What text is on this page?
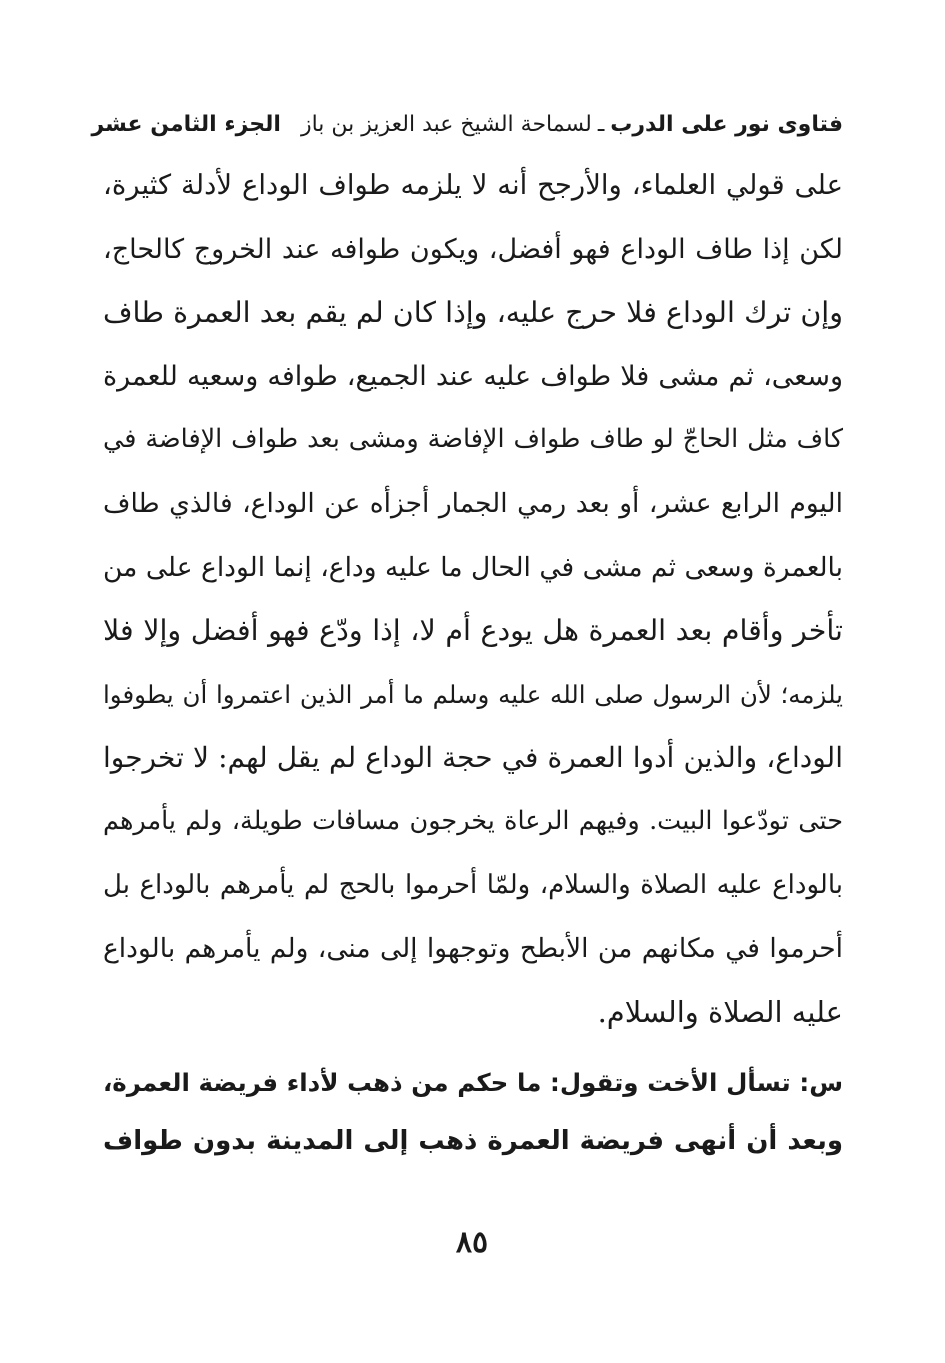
فتاوى نور على الدرب
ـ
لسماحة الشيخ عبد العزيز بن باز
الجزء الثامن عشر
على قولي العلماء، والأرجح أنه لا يلزمه طواف الوداع لأدلة كثيرة،
لكن إذا طاف الوداع فهو أفضل، ويكون طوافه عند الخروج كالحاج،
وإن ترك الوداع فلا حرج عليه، وإذا كان لم يقم بعد العمرة طاف
وسعى، ثم مشى فلا طواف عليه عند الجميع، طوافه وسعيه للعمرة
كاف مثل الحاجّ لو طاف طواف الإفاضة ومشى بعد طواف الإفاضة في
اليوم الرابع عشر، أو بعد رمي الجمار أجزأه عن الوداع، فالذي طاف
بالعمرة وسعى ثم مشى في الحال ما عليه وداع، إنما الوداع على من
تأخر وأقام بعد العمرة هل يودع أم لا، إذا ودّع فهو أفضل وإلا فلا
يلزمه؛ لأن الرسول صلى الله عليه وسلم ما أمر الذين اعتمروا أن يطوفوا
الوداع، والذين أدوا العمرة في حجة الوداع لم يقل لهم: لا تخرجوا
حتى تودّعوا البيت. وفيهم الرعاة يخرجون مسافات طويلة، ولم يأمرهم
بالوداع عليه الصلاة والسلام، ولمّا أحرموا بالحج لم يأمرهم بالوداع بل
أحرموا في مكانهم من الأبطح وتوجهوا إلى منى، ولم يأمرهم بالوداع
عليه الصلاة والسلام.
س: تسأل الأخت وتقول: ما حكم من ذهب لأداء فريضة العمرة،
وبعد أن أنهى فريضة العمرة ذهب إلى المدينة بدون طواف
٨٥
